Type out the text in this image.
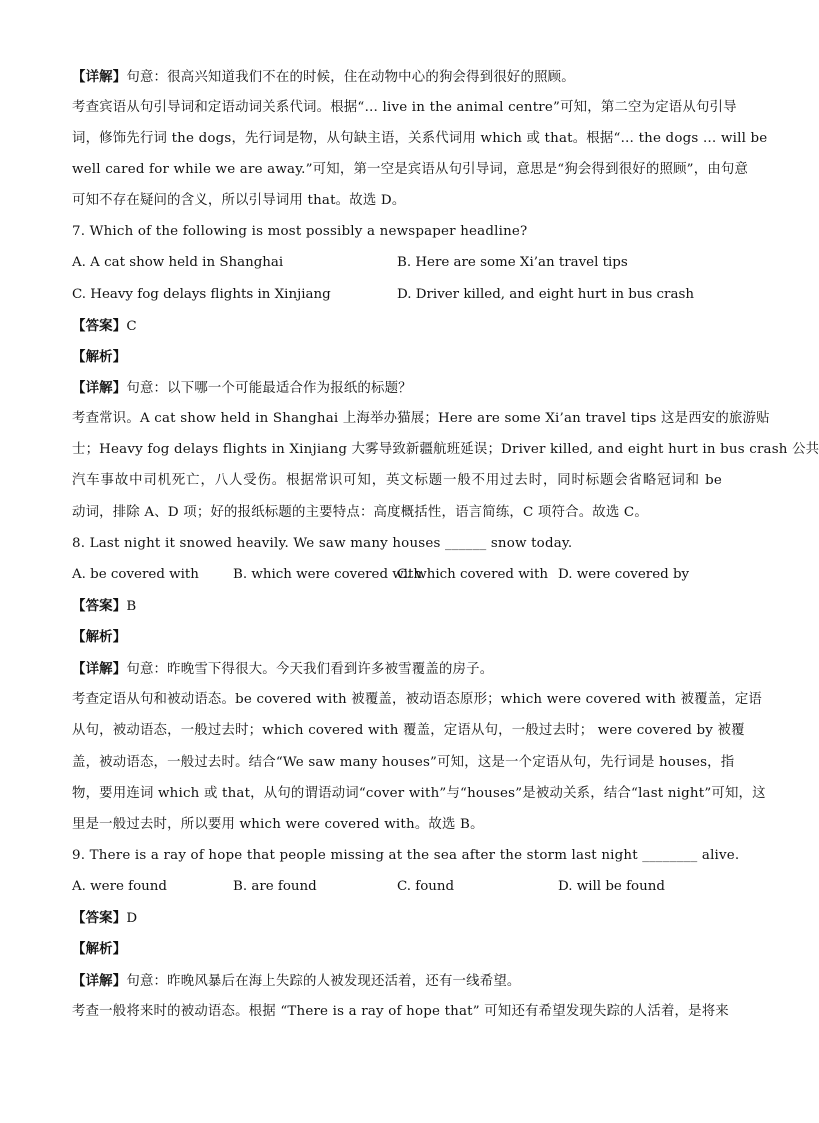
【详解】句意：很高兴知道我们不在的时候，住在动物中心的狗会得到很好的照顾。
考查宾语从句引导词和定语动词关系代词。根据“… live in the animal centre”可知，第二空为定语从句引导
词，修饰先行词 the dogs，先行词是物，从句缺主语，关系代词用 which 或 that。根据“… the dogs … will be
well cared for while we are away.”可知，第一空是宾语从句引导词，意思是“狗会得到很好的照顾”，由句意
可知不存在疑问的含义，所以引导词用 that。故选 D。
7. Which of the following is most possibly a newspaper headline?
A. A cat show held in Shanghai	B. Here are some Xi’an travel tips
C. Heavy fog delays flights in Xinjiang	D. Driver killed, and eight hurt in bus crash
【答案】C
【解析】
【详解】句意：以下哪一个可能最适合作为报纸的标题？
考查常识。A cat show held in Shanghai 上海举办猫展；Here are some Xi’an travel tips 这是西安的旅游贴
士；Heavy fog delays flights in Xinjiang 大雾导致新疆航班延误；Driver killed, and eight hurt in bus crash 公共
汽车事故中司机死亡，八人受伤。根据常识可知，英文标题一般不用过去时，同时标题会省略冠词和 be
动词，排除 A、D 项；好的报纸标题的主要特点：高度概括性，语言简练，C 项符合。故选 C。
8. Last night it snowed heavily. We saw many houses ______ snow today.
A. be covered with	B. which were covered with
C. which covered with D. were covered by
【答案】B
【解析】
【详解】句意：昨晚雪下得很大。今天我们看到许多被雪覆盖的房子。
考查定语从句和被动语态。be covered with 被覆盖，被动语态原形；which were covered with 被覆盖，定语
从句，被动语态，一般过去时；which covered with 覆盖，定语从句，一般过去时； were covered by 被覆
盖，被动语态，一般过去时。结合“We saw many houses”可知，这是一个定语从句，先行词是 houses，指
物，要用连词 which 或 that，从句的谓语动词“cover with”与“houses”是被动关系，结合“last night”可知，这
里是一般过去时，所以要用 which were covered with。故选 B。
9. There is a ray of hope that people missing at the sea after the storm last night ________ alive.
A. were found	B. are found	C. found	D. will be found
【答案】D
【解析】
【详解】句意：昨晚风暴后在海上失踪的人被发现还活着，还有一线希望。
考查一般将来时的被动语态。根据 “There is a ray of hope that” 可知还有希望发现失踪的人活着，是将来
